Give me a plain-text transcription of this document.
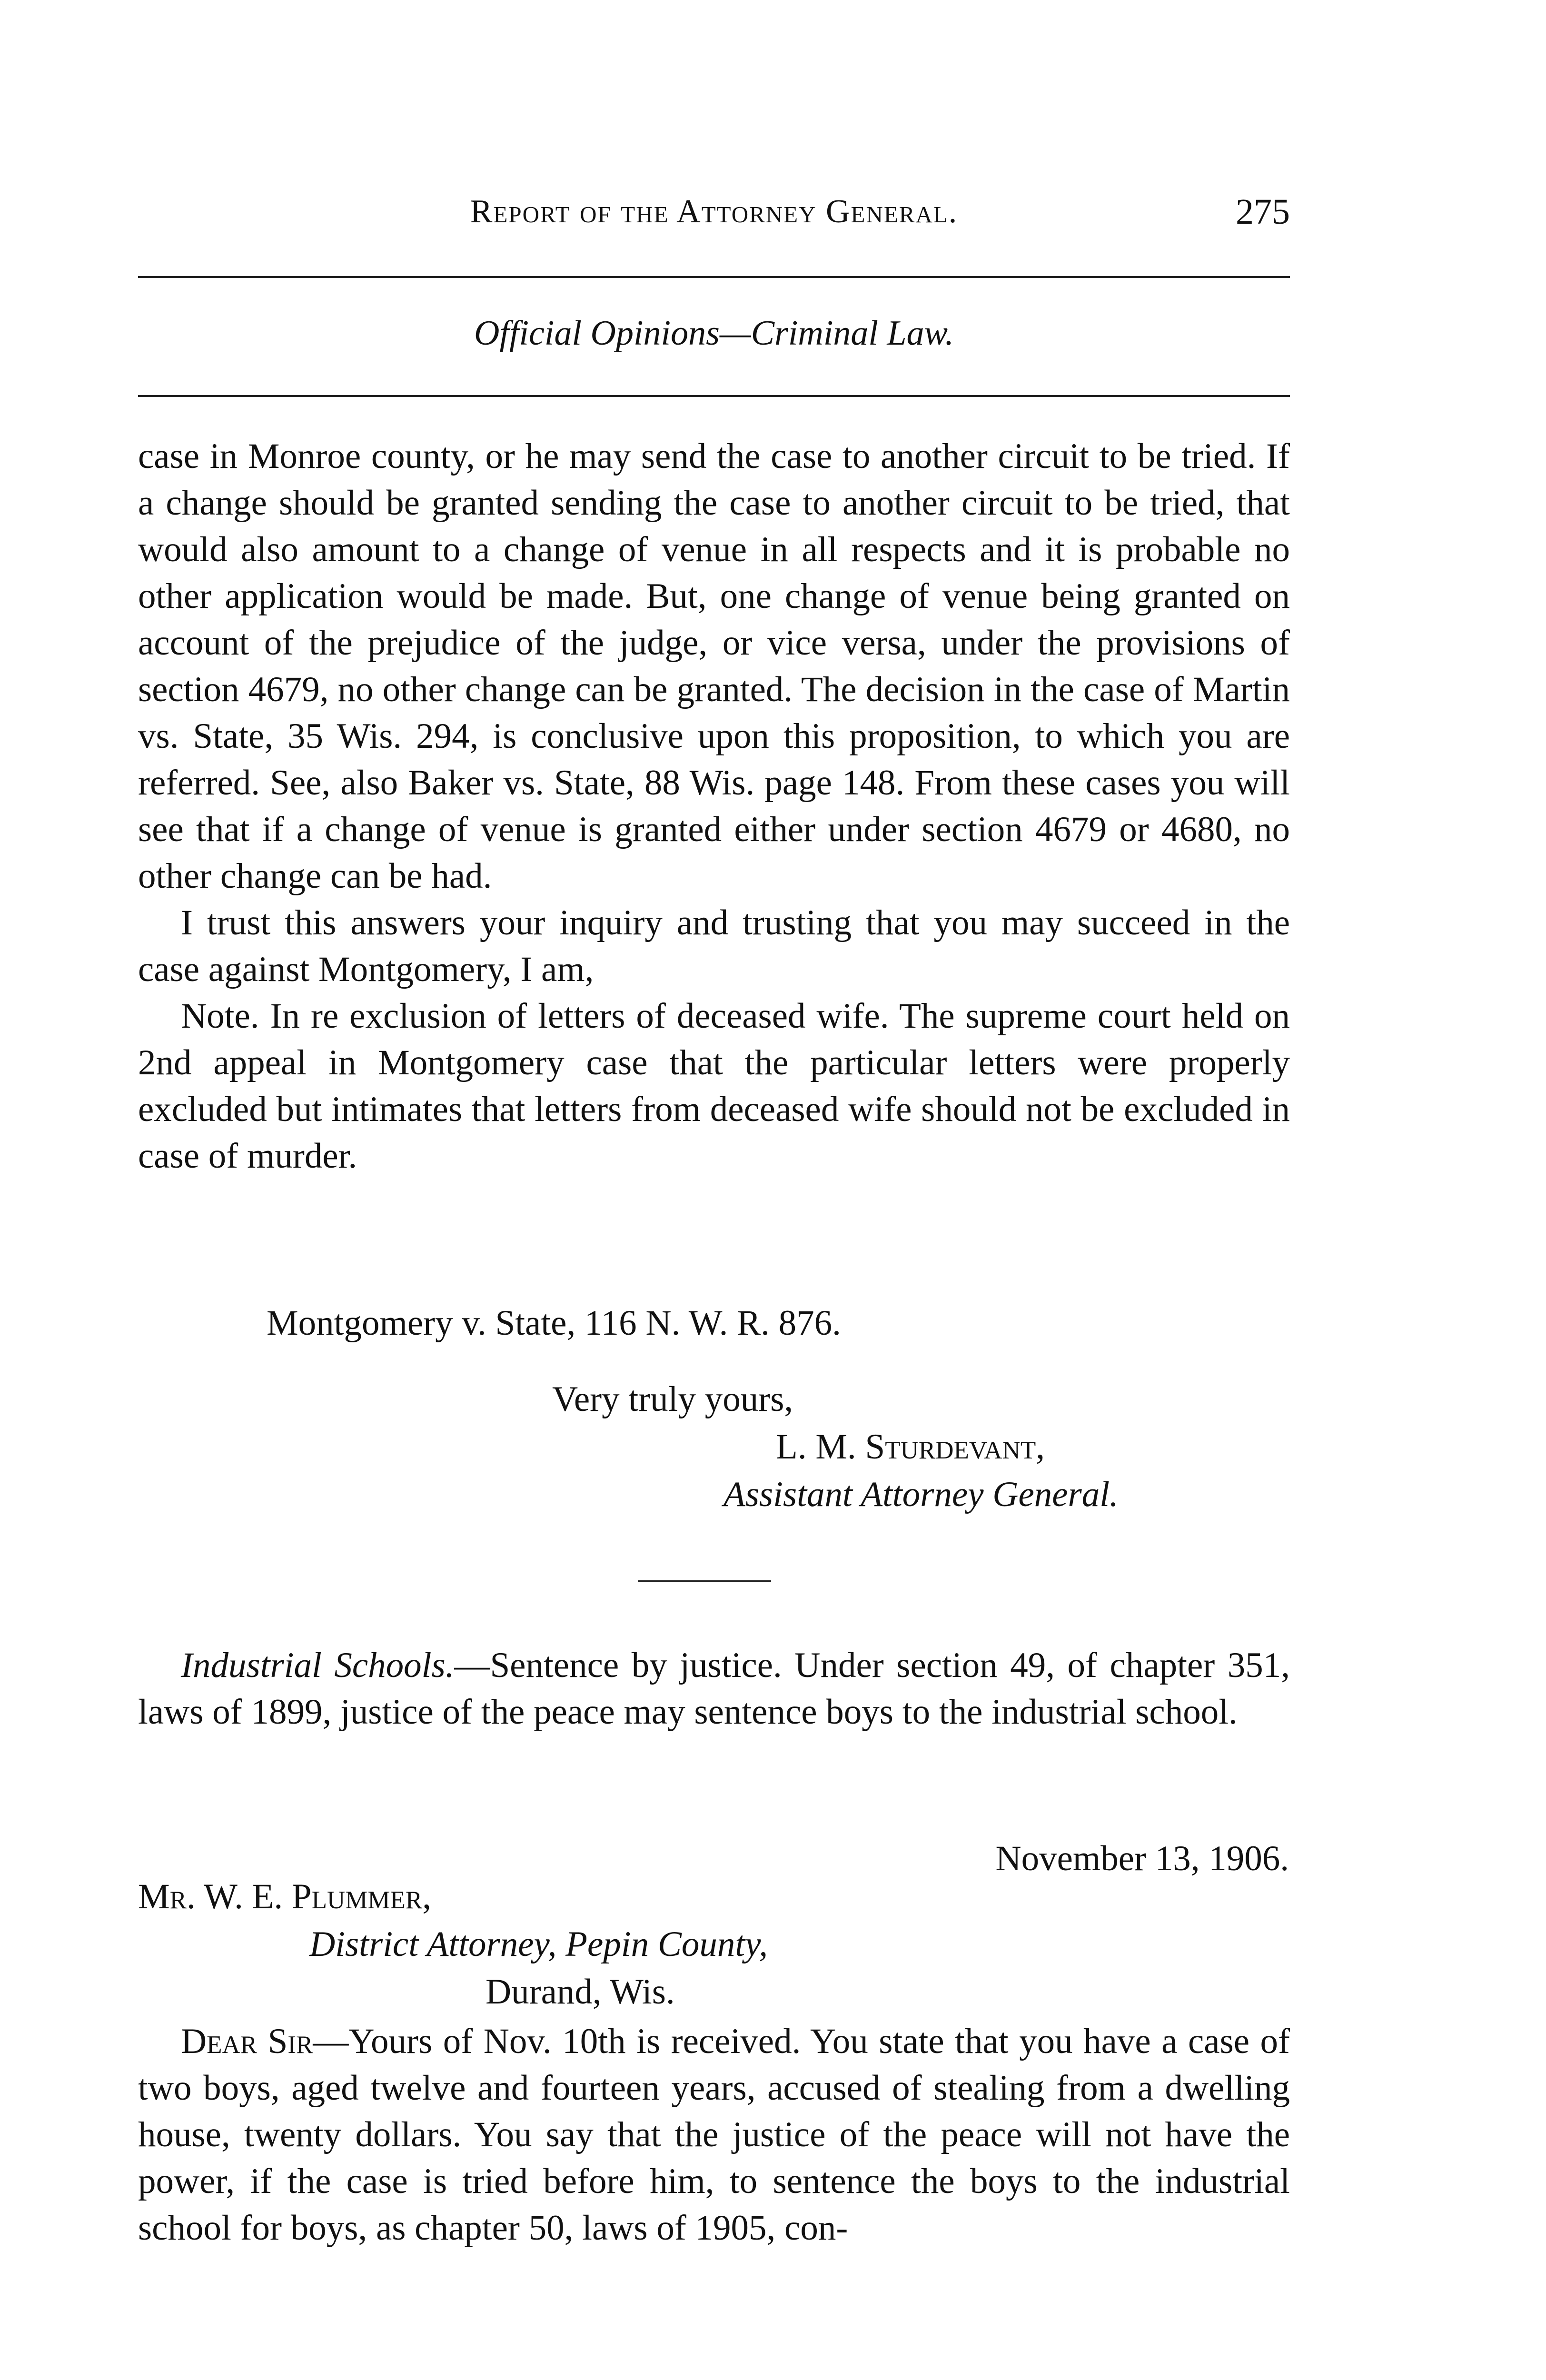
Report of the Attorney General.	275
Official Opinions—Criminal Law.

case in Monroe county, or he may send the case to another circuit to be tried. If a change should be granted sending the case to another circuit to be tried, that would also amount to a change of venue in all respects and it is probable no other application would be made. But, one change of venue being granted on account of the prejudice of the judge, or vice versa, under the provisions of section 4679, no other change can be granted. The decision in the case of Martin vs. State, 35 Wis. 294, is conclusive upon this proposition, to which you are referred. See, also Baker vs. State, 88 Wis. page 148. From these cases you will see that if a change of venue is granted either under section 4679 or 4680, no other change can be had.

I trust this answers your inquiry and trusting that you may succeed in the case against Montgomery, I am,

Note. In re exclusion of letters of deceased wife. The supreme court held on 2nd appeal in Montgomery case that the particular letters were properly excluded but intimates that letters from deceased wife should not be excluded in case of murder.

Montgomery v. State, 116 N. W. R. 876.
Very truly yours,
L. M. Sturdevant,
Assistant Attorney General.

Industrial Schools.—Sentence by justice. Under section 49, of chapter 351, laws of 1899, justice of the peace may sentence boys to the industrial school.

November 13, 1906.
Mr. W. E. Plummer,
District Attorney, Pepin County,
Durand, Wis.

Dear Sir—Yours of Nov. 10th is received. You state that you have a case of two boys, aged twelve and fourteen years, accused of stealing from a dwelling house, twenty dollars. You say that the justice of the peace will not have the power, if the case is tried before him, to sentence the boys to the industrial school for boys, as chapter 50, laws of 1905, con-
